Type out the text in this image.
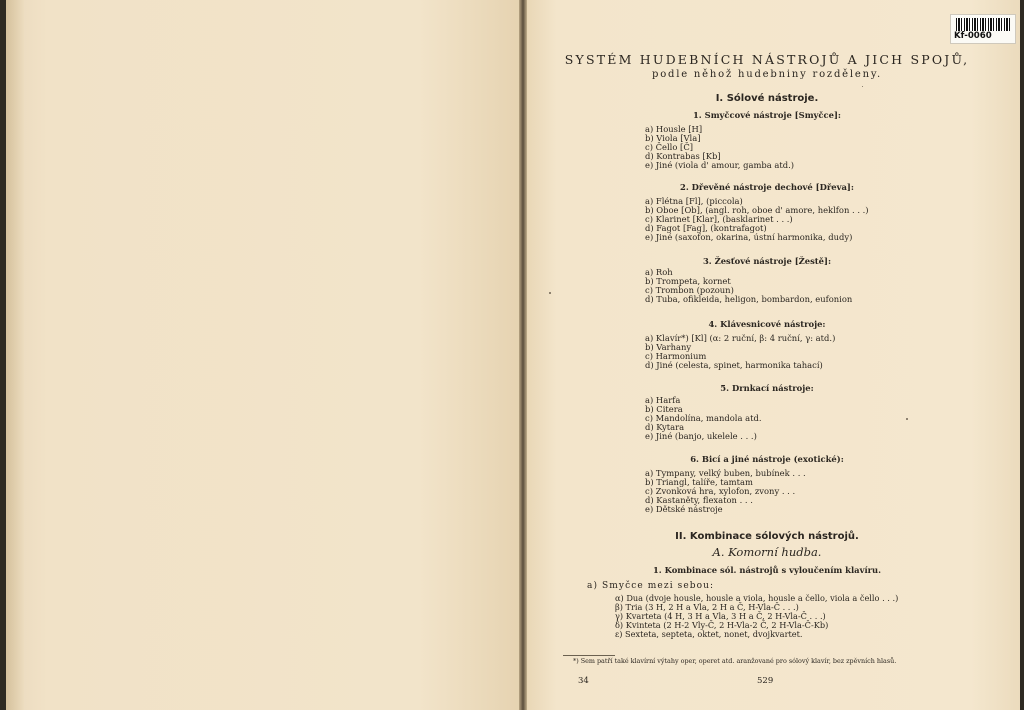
Kf-0060
SYSTÉM HUDEBNÍCH NÁSTROJŮ A JICH SPOJŮ,
podle něhož hudebniny rozděleny.
I. Sólové nástroje.
1. Smyčcové nástroje [Smyčce]:
a) Housle [H]
b) Viola [Vla]
c) Čello [Č]
d) Kontrabas [Kb]
e) Jiné (viola d' amour, gamba atd.)
2. Dřevěné nástroje dechové [Dřeva]:
a) Flétna [Fl], (piccola)
b) Oboe [Ob], (angl. roh, oboe d' amore, heklfon . . .)
c) Klarinet [Klar], (basklarinet . . .)
d) Fagot [Fag], (kontrafagot)
e) Jiné (saxofon, okarina, ústní harmonika, dudy)
3. Žesťové nástroje [Žestě]:
a) Roh
b) Trompeta, kornet
c) Trombon (pozoun)
d) Tuba, ofikleida, heligon, bombardon, eufonion
4. Klávesnicové nástroje:
a) Klavír*) [Kl] (α: 2 ruční, β: 4 ruční, γ: atd.)
b) Varhany
c) Harmonium
d) Jiné (celesta, spinet, harmonika tahací)
5. Drnkací nástroje:
a) Harfa
b) Citera
c) Mandolína, mandola atd.
d) Kytara
e) Jiné (banjo, ukelele . . .)
6. Bicí a jiné nástroje (exotické):
a) Tympany, velký buben, bubínek . . .
b) Triangl, talíře, tamtam
c) Zvonková hra, xylofon, zvony . . .
d) Kastaněty, flexaton . . .
e) Dětské nástroje
II. Kombinace sólových nástrojů.
A. Komorní hudba.
1. Kombinace sól. nástrojů s vyloučením klavíru.
a) Smyčce mezi sebou:
α) Dua (dvoje housle, housle a viola, housle a čello, viola a čello . . .)
β) Tria (3 H, 2 H a Vla, 2 H a Č, H-Vla-Č . . .)
γ) Kvarteta (4 H, 3 H a Vla, 3 H a Č, 2 H-Vla-Č . . .)
δ) Kvinteta (2 H-2 Vly-Č, 2 H-Vla-2 Č, 2 H-Vla-Č-Kb)
ε) Sexteta, septeta, oktet, nonet, dvojkvartet.
*) Sem patří také klavírní výtahy oper, operet atd. aranžované pro sólový klavír, bez zpěvních hlasů.
34	529
